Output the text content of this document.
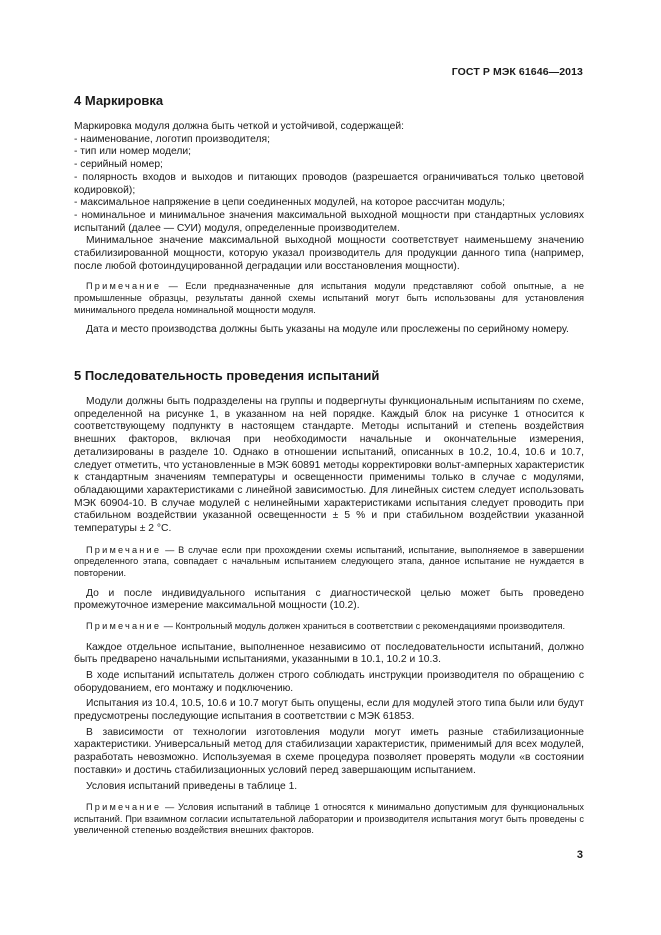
ГОСТ Р МЭК 61646—2013
4 Маркировка

Маркировка модуля должна быть четкой и устойчивой, содержащей:

- наименование, логотип производителя;

- тип или номер модели;

- серийный номер;

- полярность входов и выходов и питающих проводов (разрешается ограничиваться только цветовой кодировкой);

- максимальное напряжение в цепи соединенных модулей, на которое рассчитан модуль;

- номинальное и минимальное значения максимальной выходной мощности при стандартных условиях испытаний (далее — СУИ) модуля, определенные производителем.

Минимальное значение максимальной выходной мощности соответствует наименьшему значению стабилизированной мощности, которую указал производитель для продукции данного типа (например, после любой фотоиндуцированной деградации или восстановления мощности).

Примечание — Если предназначенные для испытания модули представляют собой опытные, а не промышленные образцы, результаты данной схемы испытаний могут быть использованы для установления минимального предела номинальной мощности модуля.

Дата и место производства должны быть указаны на модуле или прослежены по серийному номеру.

5 Последовательность проведения испытаний

Модули должны быть подразделены на группы и подвергнуты функциональным испытаниям по схеме, определенной на рисунке 1, в указанном на ней порядке. Каждый блок на рисунке 1 относится к соответствующему подпункту в настоящем стандарте. Методы испытаний и степень воздействия внешних факторов, включая при необходимости начальные и окончательные измерения, детализированы в разделе 10. Однако в отношении испытаний, описанных в 10.2, 10.4, 10.6 и 10.7, следует отметить, что установленные в МЭК 60891 методы корректировки вольт-амперных характеристик к стандартным значениям температуры и освещенности применимы только в случае с модулями, обладающими характеристиками с линейной зависимостью. Для линейных систем следует использовать МЭК 60904-10. В случае модулей с нелинейными характеристиками испытания следует проводить при стабильном воздействии указанной освещенности ± 5 % и при стабильном воздействии указанной температуры ± 2 °С.

Примечание — В случае если при прохождении схемы испытаний, испытание, выполняемое в завершении определенного этапа, совпадает с начальным испытанием следующего этапа, данное испытание не нуждается в повторении.

До и после индивидуального испытания с диагностической целью может быть проведено промежуточное измерение максимальной мощности (10.2).

Примечание — Контрольный модуль должен храниться в соответствии с рекомендациями производителя.

Каждое отдельное испытание, выполненное независимо от последовательности испытаний, должно быть предварено начальными испытаниями, указанными в 10.1, 10.2 и 10.3.

В ходе испытаний испытатель должен строго соблюдать инструкции производителя по обращению с оборудованием, его монтажу и подключению.

Испытания из 10.4, 10.5, 10.6 и 10.7 могут быть опущены, если для модулей этого типа были или будут предусмотрены последующие испытания в соответствии с МЭК 61853.

В зависимости от технологии изготовления модули могут иметь разные стабилизационные характеристики. Универсальный метод для стабилизации характеристик, применимый для всех модулей, разработать невозможно. Используемая в схеме процедура позволяет проверять модули «в состоянии поставки» и достичь стабилизационных условий перед завершающим испытанием.

Условия испытаний приведены в таблице 1.

Примечание — Условия испытаний в таблице 1 относятся к минимально допустимым для функциональных испытаний. При взаимном согласии испытательной лаборатории и производителя испытания могут быть проведены с увеличенной степенью воздействия внешних факторов.

3
